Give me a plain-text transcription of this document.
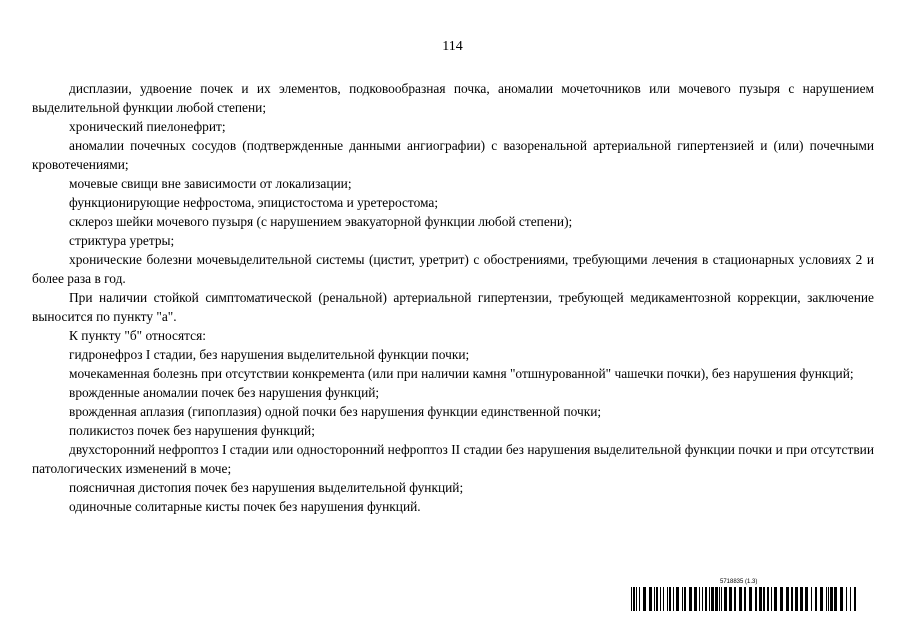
114

дисплазии, удвоение почек и их элементов, подковообразная почка, аномалии мочеточников или мочевого пузыря с нарушением выделительной функции любой степени;

хронический пиелонефрит;

аномалии почечных сосудов (подтвержденные данными ангиографии) с вазоренальной артериальной гипертензией и (или) почечными кровотечениями;

мочевые свищи вне зависимости от локализации;

функционирующие нефростома, эпицистостома и уретеростома;

склероз шейки мочевого пузыря (с нарушением эвакуаторной функции любой степени);

стриктура уретры;

хронические болезни мочевыделительной системы (цистит, уретрит) с обострениями, требующими лечения в стационарных условиях 2 и более раза в год.

При наличии стойкой симптоматической (ренальной) артериальной гипертензии, требующей медикаментозной коррекции, заключение выносится по пункту "а".

К пункту "б" относятся:

гидронефроз I стадии, без нарушения выделительной функции почки;

мочекаменная болезнь при отсутствии конкремента (или при наличии камня "отшнурованной" чашечки почки), без нарушения функций;

врожденные аномалии почек без нарушения функций;

врожденная аплазия (гипоплазия) одной почки без нарушения функции единственной почки;

поликистоз почек без нарушения функций;

двухсторонний нефроптоз I стадии или односторонний нефроптоз II стадии без нарушения выделительной функции почки и при отсутствии патологических изменений в моче;

поясничная дистопия почек без нарушения выделительной функций;

одиночные солитарные кисты почек без нарушения функций.

5718835 (1.3)
